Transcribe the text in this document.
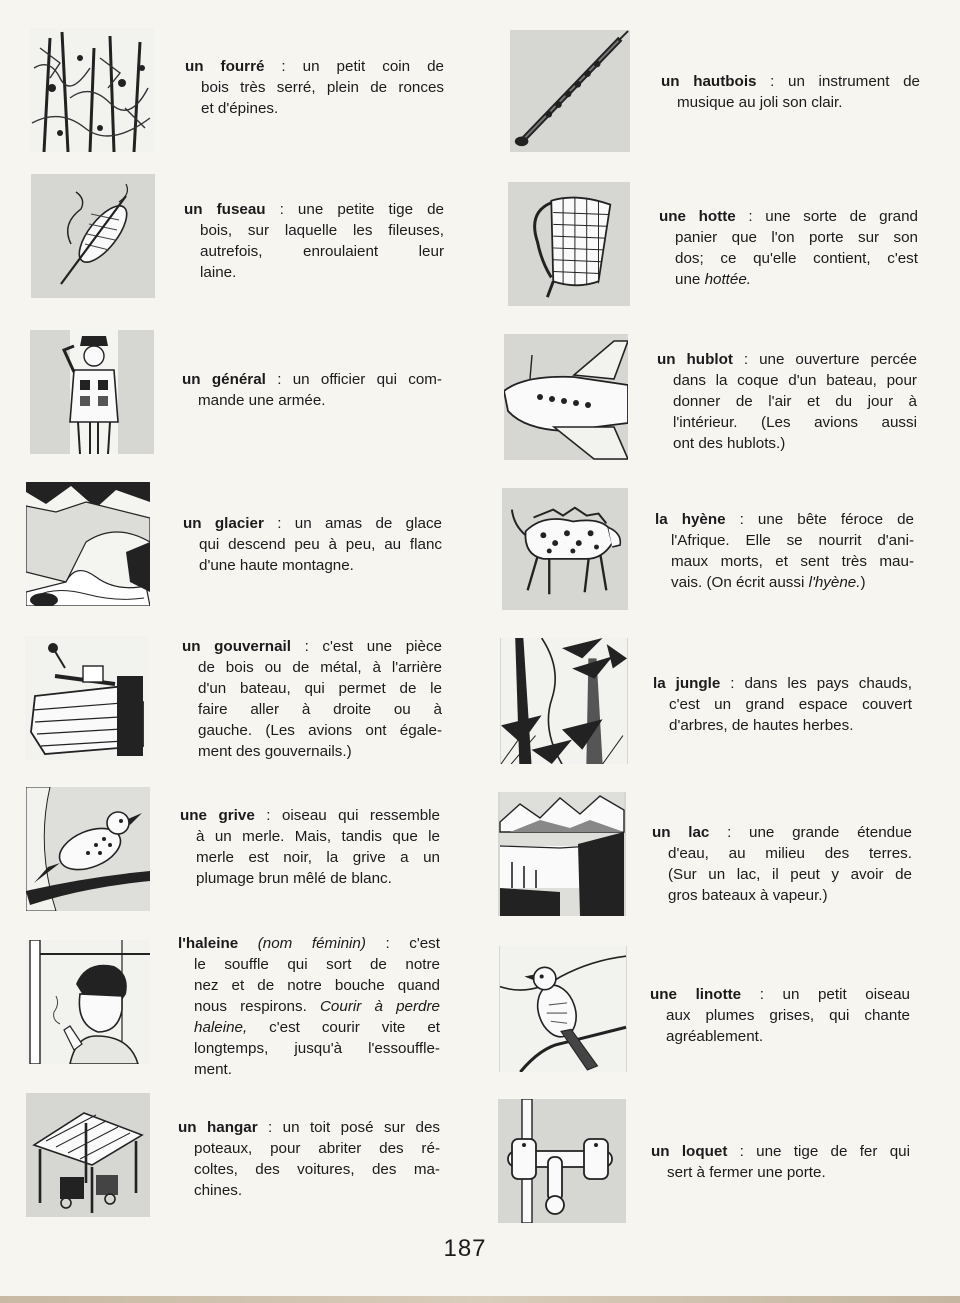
un fourré : un petit coin de
bois très serré, plein de ronces
et d'épines.

un fuseau : une petite tige de
bois, sur laquelle les fileuses,
autrefois, enroulaient leur
laine.

un général : un officier qui com-
mande une armée.

un glacier : un amas de glace
qui descend peu à peu, au flanc
d'une haute montagne.

un gouvernail : c'est une pièce
de bois ou de métal, à l'arrière
d'un bateau, qui permet de le
faire aller à droite ou à
gauche. (Les avions ont égale-
ment des gouvernails.)

une grive : oiseau qui ressemble
à un merle. Mais, tandis que le
merle est noir, la grive a un
plumage brun mêlé de blanc.

l'haleine (nom féminin) : c'est
le souffle qui sort de notre
nez et de notre bouche quand
nous respirons. Courir à perdre
haleine, c'est courir vite et
longtemps, jusqu'à l'essouffle-
ment.

un hangar : un toit posé sur des
poteaux, pour abriter des ré-
coltes, des voitures, des ma-
chines.

un hautbois : un instrument de
musique au joli son clair.

une hotte : une sorte de grand
panier que l'on porte sur son
dos; ce qu'elle contient, c'est
une hottée.

un hublot : une ouverture percée
dans la coque d'un bateau, pour
donner de l'air et du jour à
l'intérieur. (Les avions aussi
ont des hublots.)

la hyène : une bête féroce de
l'Afrique. Elle se nourrit d'ani-
maux morts, et sent très mau-
vais. (On écrit aussi l'hyène.)

la jungle : dans les pays chauds,
c'est un grand espace couvert
d'arbres, de hautes herbes.

un lac : une grande étendue
d'eau, au milieu des terres.
(Sur un lac, il peut y avoir de
gros bateaux à vapeur.)

une linotte : un petit oiseau
aux plumes grises, qui chante
agréablement.

un loquet : une tige de fer qui
sert à fermer une porte.

187
